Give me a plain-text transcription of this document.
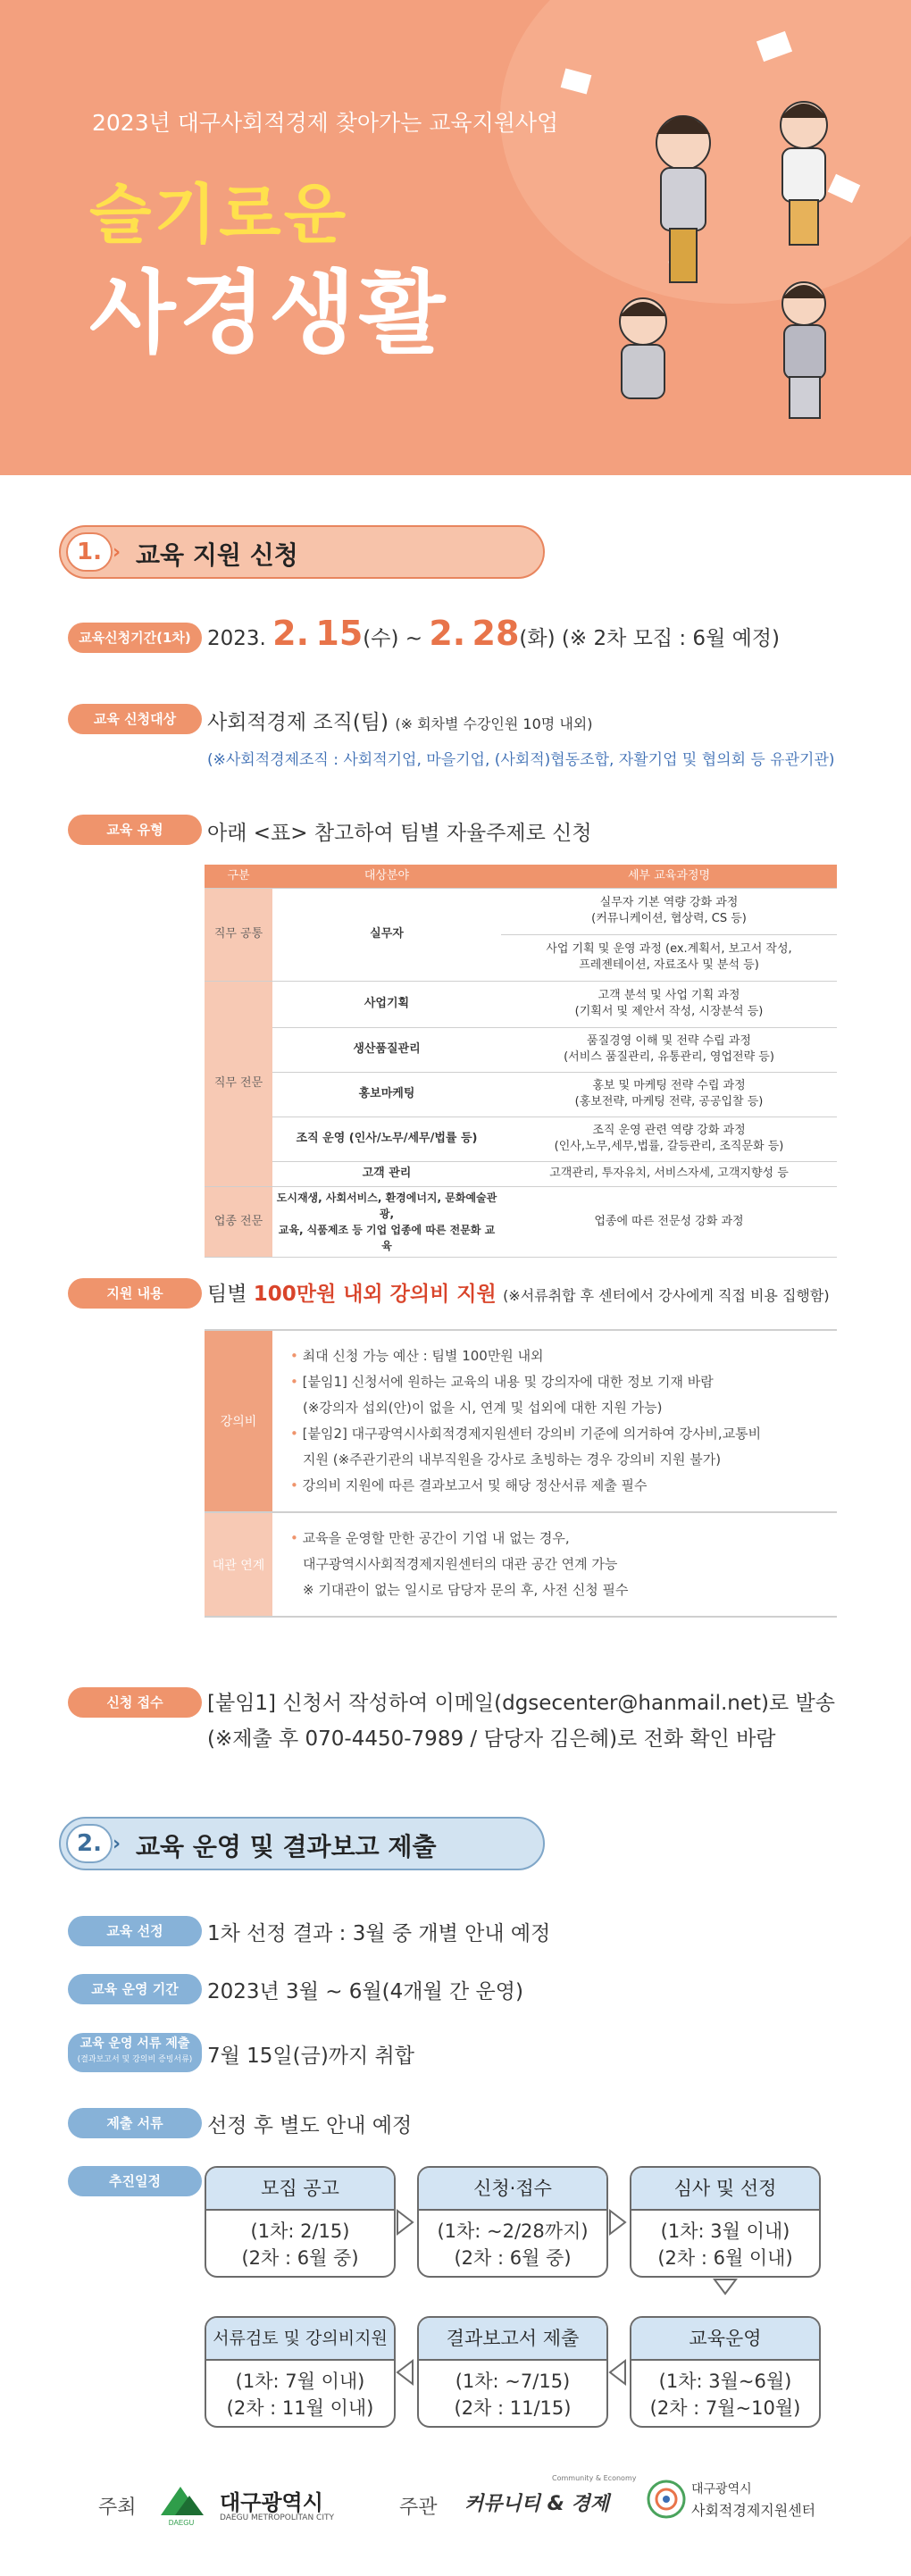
2023년 대구사회적경제 찾아가는 교육지원사업
슬기로운
사경생활
1. › 교육 지원 신청
교육신청기간(1차) 2023. 2. 15(수) ~ 2. 28(화) (※ 2차 모집 : 6월 예정)
교육 신청대상	사회적경제 조직(팀) (※ 회차별 수강인원 10명 내외)
(※사회적경제조직 : 사회적기업, 마을기업, (사회적)협동조합, 자활기업 및 협의회 등 유관기관)
교육 유형	아래 <표> 참고하여 팀별 자율주제로 신청
구분	대상분야	세부 교육과정명
직무 공통	실무자	실무자 기본 역량 강화 과정
(커뮤니케이션, 협상력, CS 등)
		사업 기획 및 운영 과정 (ex.계획서, 보고서 작성,
프레젠테이션, 자료조사 및 분석 등)
직무 전문	사업기획	고객 분석 및 사업 기획 과정
(기획서 및 제안서 작성, 시장분석 등)
	생산품질관리	품질경영 이해 및 전략 수립 과정
(서비스 품질관리, 유통관리, 영업전략 등)
	홍보마케팅	홍보 및 마케팅 전략 수립 과정
(홍보전략, 마케팅 전략, 공공입찰 등)
	조직 운영 (인사/노무/세무/법률 등)	조직 운영 관련 역량 강화 과정
(인사,노무,세무,법률, 갈등관리, 조직문화 등)
	고객 관리	고객관리, 투자유치, 서비스자세, 고객지향성 등
업종 전문	도시재생, 사회서비스, 환경에너지, 문화예술관광,
교육, 식품제조 등 기업 업종에 따른 전문화 교육	업종에 따른 전문성 강화 과정
지원 내용	팀별 100만원 내외 강의비 지원 (※서류취합 후 센터에서 강사에게 직접 비용 집행함)
강의비
• 최대 신청 가능 예산 : 팀별 100만원 내외
• [붙임1] 신청서에 원하는 교육의 내용 및 강의자에 대한 정보 기재 바람
(※강의자 섭외(안)이 없을 시, 연계 및 섭외에 대한 지원 가능)
• [붙임2] 대구광역시사회적경제지원센터 강의비 기준에 의거하여 강사비,교통비
지원 (※주관기관의 내부직원을 강사로 초빙하는 경우 강의비 지원 불가)
• 강의비 지원에 따른 결과보고서 및 해당 정산서류 제출 필수
대관 연계
• 교육을 운영할 만한 공간이 기업 내 없는 경우,
대구광역시사회적경제지원센터의 대관 공간 연계 가능
※ 기대관이 없는 일시로 담당자 문의 후, 사전 신청 필수
신청 접수	[붙임1] 신청서 작성하여 이메일(dgsecenter@hanmail.net)로 발송
(※제출 후 070-4450-7989 / 담당자 김은혜)로 전화 확인 바람
2. › 교육 운영 및 결과보고 제출
교육 선정	1차 선정 결과 : 3월 중 개별 안내 예정
교육 운영 기간	2023년 3월 ~ 6월(4개월 간 운영)
교육 운영 서류 제출
(결과보고서 및 강의비 증빙서류) 7월 15일(금)까지 취합
제출 서류	선정 후 별도 안내 예정
추진일정	모집 공고
(1차: 2/15)
(2차 : 6월 중)
신청·접수
(1차: ~2/28까지)
(2차 : 6월 중)
심사 및 선정
(1차: 3월 이내)
(2차 : 6월 이내)
교육운영
(1차: 3월~6월)
(2차 : 7월~10월)
결과보고서 제출
(1차: ~7/15)
(2차 : 11/15)
서류검토 및 강의비지원
(1차: 7월 이내)
(2차 : 11월 이내)
주최
DAEGU
대구광역시
DAEGU METROPOLITAN CITY	주관
Community & Economy
커뮤니티 & 경제
대구광역시
사회적경제지원센터
